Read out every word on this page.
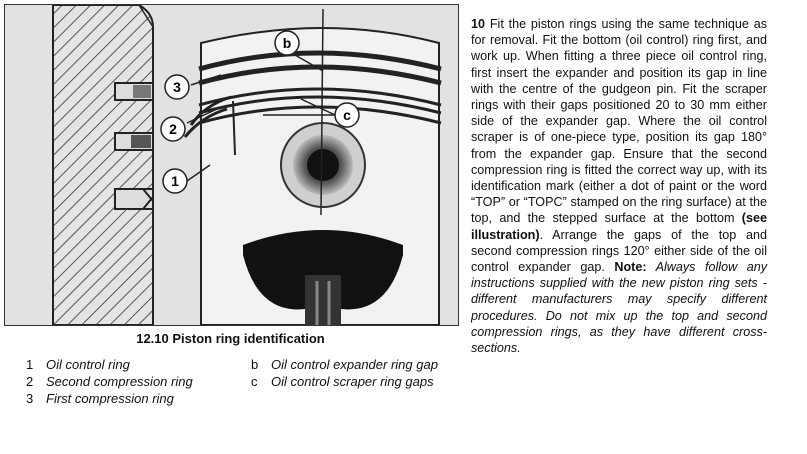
3
2
1
b
c
12.10 Piston ring identification
1 Oil control ring
2 Second compression ring
3 First compression ring
b Oil control expander ring gap
c	Oil control scraper ring gaps
10 Fit the piston rings using the same technique as for removal. Fit the bottom (oil control) ring first, and work up. When fitting a three piece oil control ring, first insert the expander and position its gap in line with the centre of the gudgeon pin. Fit the scraper rings with their gaps positioned 20 to 30 mm either side of the expander gap. Where the oil control scraper is of one-piece type, position its gap 180° from the expander gap. Ensure that the second compression ring is fitted the correct way up, with its identification mark (either a dot of paint or the word “TOP” or “TOPC” stamped on the ring surface) at the top, and the stepped surface at the bottom (see illustration). Arrange the gaps of the top and second compression rings 120° either side of the oil control expander gap. Note: Always follow any instructions supplied with the new piston ring sets - different manufacturers may specify different procedures. Do not mix up the top and second compression rings, as they have different cross-sections.
